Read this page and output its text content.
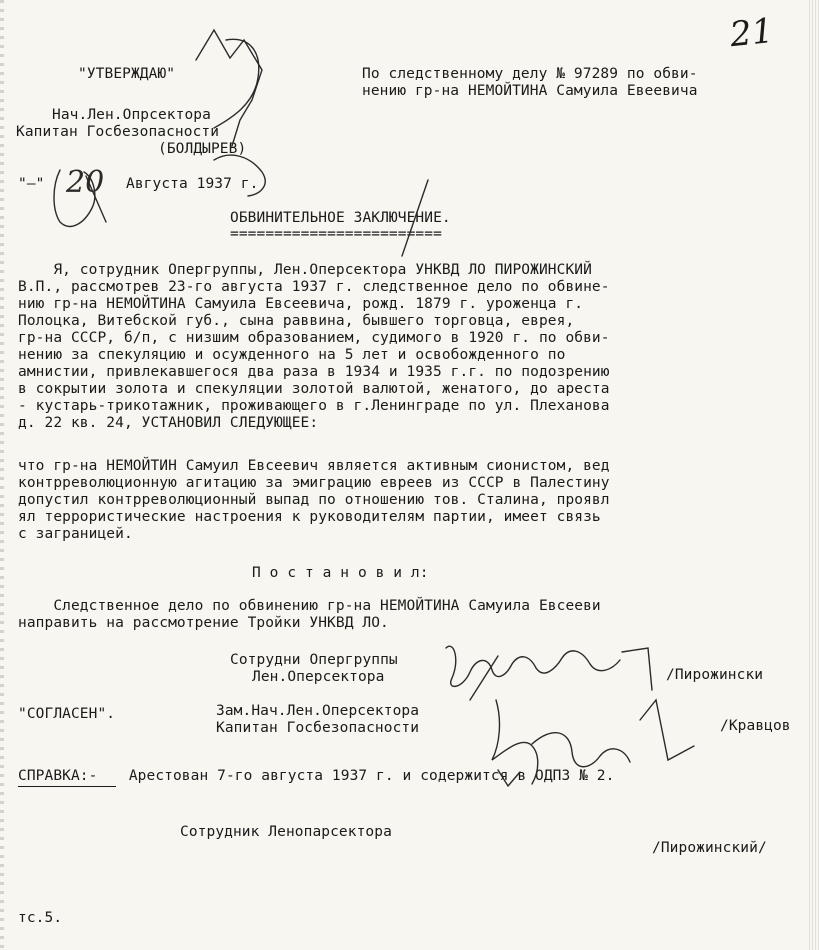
21
"УТВЕРЖДАЮ"
Нач.Лен.Опрсектора
Капитан Госбезопасности
(БОЛДЫРЕВ)
"—" 20 Августа 1937 г.
По следственному делу № 97289 по обви-
нению гр-на НЕМОЙТИНА Самуила Евеевича
ОБВИНИТЕЛЬНОЕ ЗАКЛЮЧЕНИЕ.
========================
Я, сотрудник Опергруппы, Лен.Оперсектора УНКВД ЛО ПИРОЖИНСКИЙ
В.П., рассмотрев 23-го августа 1937 г. следственное дело по обвине-
нию гр-на НЕМОЙТИНА Самуила Евсеевича, рожд. 1879 г. уроженца г.
Полоцка, Витебской губ., сына раввина, бывшего торговца, еврея,
гр-на СССР, б/п, с низшим образованием, судимого в 1920 г. по обви-
нению за спекуляцию и осужденного на 5 лет и освобожденного по
амнистии, привлекавшегося два раза в 1934 и 1935 г.г. по подозрению
в сокрытии золота и спекуляции золотой валютой, женатого, до ареста
- кустарь-трикотажник, проживающего в г.Ленинграде по ул. Плеханова
д. 22 кв. 24, УСТАНОВИЛ СЛЕДУЮЩЕЕ:
что гр-на НЕМОЙТИН Самуил Евсеевич является активным сионистом, вед
контрреволюционную агитацию за эмиграцию евреев из СССР в Палестину
допустил контрреволюционный выпад по отношению тов. Сталина, проявл
ял террористические настроения к руководителям партии, имеет связь
с заграницей.
П о с т а н о в и л:
Следственное дело по обвинению гр-на НЕМОЙТИНА Самуила Евсееви
направить на рассмотрение Тройки УНКВД ЛО.
Сотрудни Опергруппы
Лен.Оперсектора	/Пирожински
"СОГЛАСЕН".	Зам.Нач.Лен.Оперсектора
Капитан Госбезопасности	/Кравцов
СПРАВКА:- Арестован 7-го августа 1937 г. и содержится в ОДПЗ № 2.
Сотрудник Ленопарсектора
/Пирожинский/
тс.5.
